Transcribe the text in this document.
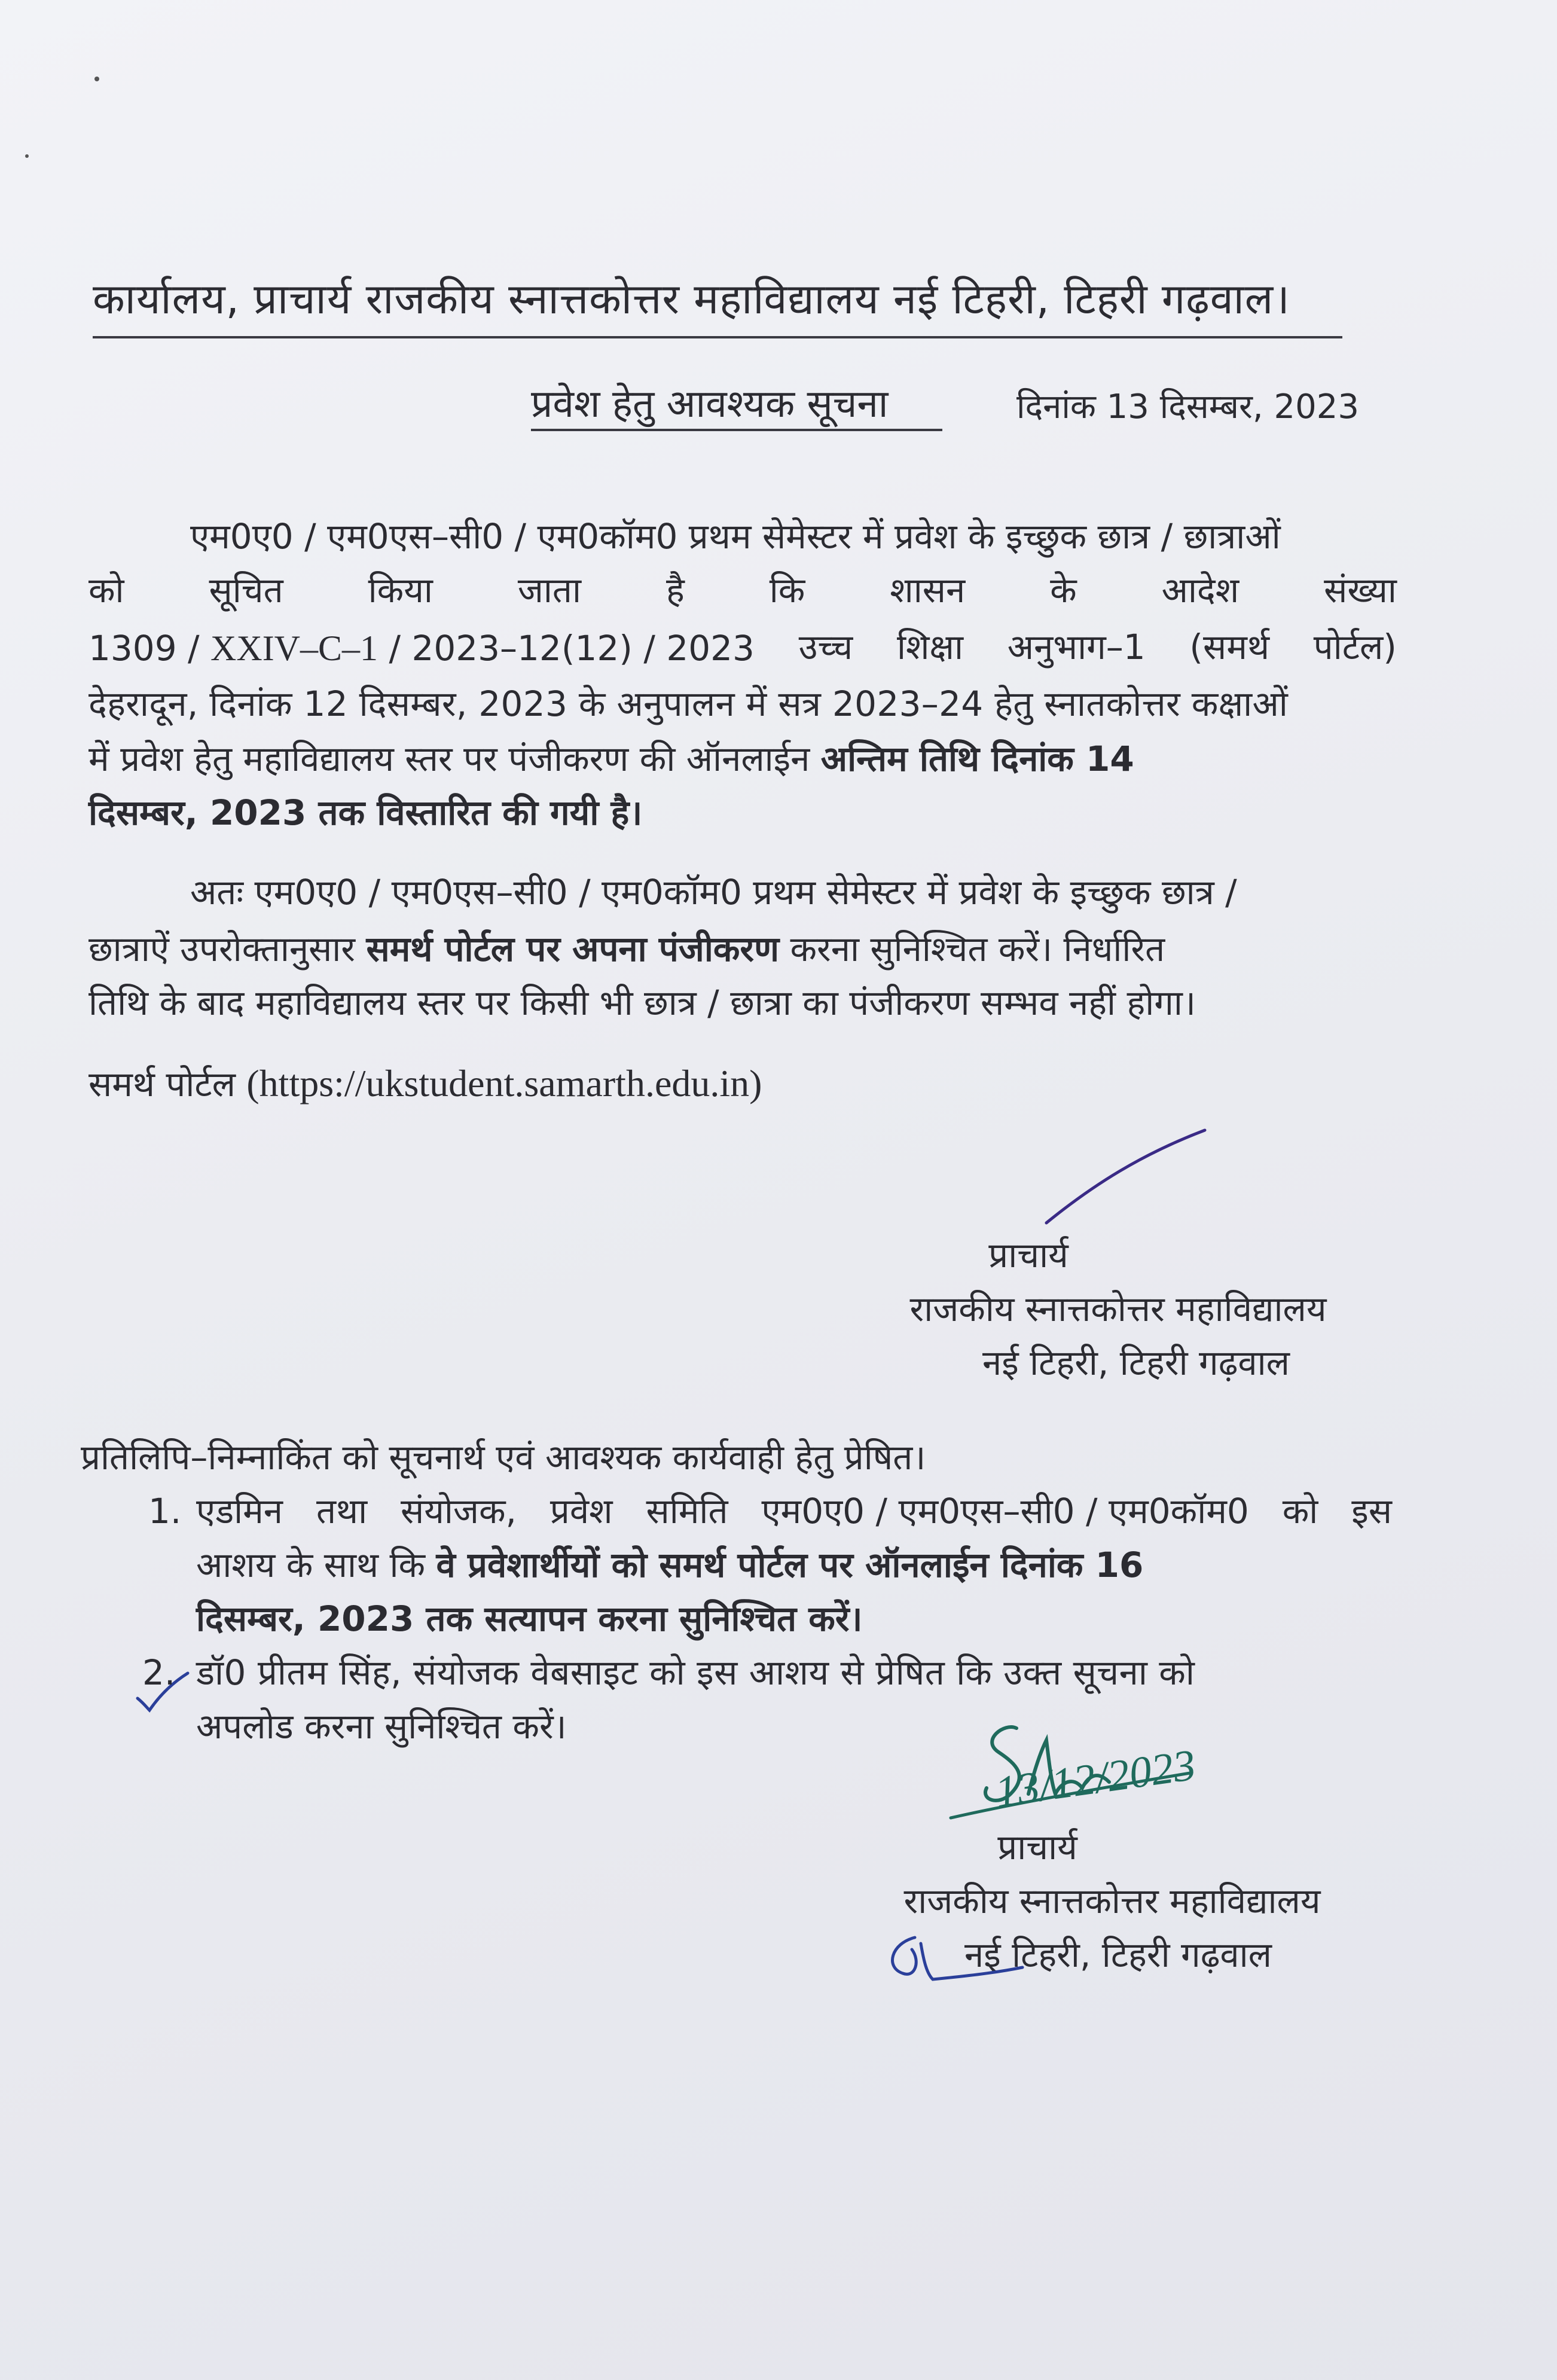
कार्यालय, प्राचार्य राजकीय स्नात्तकोत्तर महाविद्यालय नई टिहरी, टिहरी गढ़वाल।
प्रवेश हेतु आवश्यक सूचना	दिनांक 13 दिसम्बर, 2023
एम0ए0 / एम0एस–सी0 / एम0कॉम0 प्रथम सेमेस्टर में प्रवेश के इच्छुक छात्र / छात्राओं
को सूचित किया जाता है कि शासन के आदेश संख्या
1309 / XXIV–C–1 / 2023–12(12) / 2023 उच्च शिक्षा अनुभाग–1 (समर्थ पोर्टल)
देहरादून, दिनांक 12 दिसम्बर, 2023 के अनुपालन में सत्र 2023–24 हेतु स्नातकोत्तर कक्षाओं
में प्रवेश हेतु महाविद्यालय स्तर पर पंजीकरण की ऑनलाईन अन्तिम तिथि दिनांक 14
दिसम्बर, 2023 तक विस्तारित की गयी है।
अतः एम0ए0 / एम0एस–सी0 / एम0कॉम0 प्रथम सेमेस्टर में प्रवेश के इच्छुक छात्र /
छात्राऐं उपरोक्तानुसार समर्थ पोर्टल पर अपना पंजीकरण करना सुनिश्चित करें। निर्धारित
तिथि के बाद महाविद्यालय स्तर पर किसी भी छात्र / छात्रा का पंजीकरण सम्भव नहीं होगा।
समर्थ पोर्टल (https://ukstudent.samarth.edu.in)
प्राचार्य
राजकीय स्नात्तकोत्तर महाविद्यालय
नई टिहरी, टिहरी गढ़वाल
प्रतिलिपि–निम्नाकिंत को सूचनार्थ एवं आवश्यक कार्यवाही हेतु प्रेषित।
1. एडमिन तथा संयोजक, प्रवेश समिति एम0ए0 / एम0एस–सी0 / एम0कॉम0 को इस
आशय के साथ कि वे प्रवेशार्थीयों को समर्थ पोर्टल पर ऑनलाईन दिनांक 16
दिसम्बर, 2023 तक सत्यापन करना सुनिश्चित करें।
2. डॉ0 प्रीतम सिंह, संयोजक वेबसाइट को इस आशय से प्रेषित कि उक्त सूचना को
अपलोड करना सुनिश्चित करें।
13/12/2023
प्राचार्य
राजकीय स्नात्तकोत्तर महाविद्यालय
नई टिहरी, टिहरी गढ़वाल
